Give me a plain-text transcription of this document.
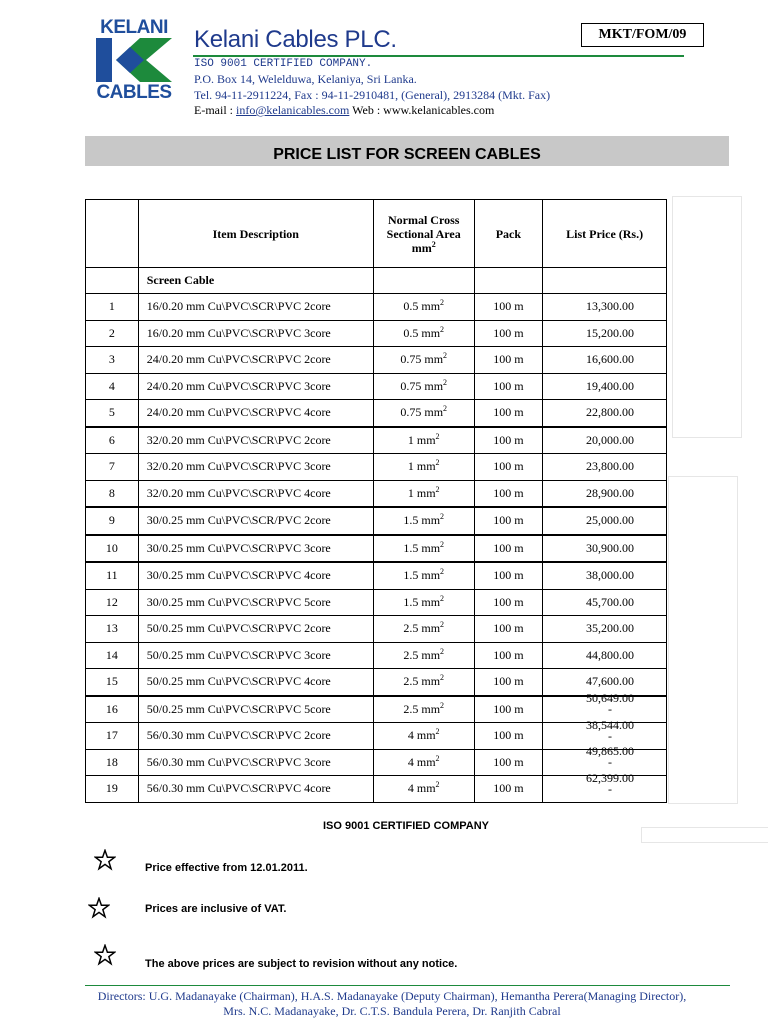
KELANI
CABLES
Kelani Cables PLC.
ISO 9001 CERTIFIED COMPANY.
P.O. Box 14, Welelduwa, Kelaniya, Sri Lanka.
Tel. 94-11-2911224, Fax : 94-11-2910481, (General), 2913284 (Mkt. Fax)
E-mail : info@kelanicables.com Web : www.kelanicables.com
MKT/FOM/09
PRICE LIST FOR SCREEN CABLES
	Item Description	Normal Cross
Sectional Area
$mm^2$	Pack	List Price (Rs.)
	Screen Cable			
1	16/0.20 mm Cu\PVC\SCR\PVC 2core	0.5 $mm^2$	100 m	13,300.00
2	16/0.20 mm Cu\PVC\SCR\PVC 3core	0.5 $mm^2$	100 m	15,200.00
3	24/0.20 mm Cu\PVC\SCR\PVC 2core	0.75 $mm^2$	100 m	16,600.00
4	24/0.20 mm Cu\PVC\SCR\PVC 3core	0.75 $mm^2$	100 m	19,400.00
5	24/0.20 mm Cu\PVC\SCR\PVC 4core	0.75 $mm^2$	100 m	22,800.00
6	32/0.20 mm Cu\PVC\SCR\PVC 2core	1 $mm^2$	100 m	20,000.00
7	32/0.20 mm Cu\PVC\SCR\PVC 3core	1 $mm^2$	100 m	23,800.00
8	32/0.20 mm Cu\PVC\SCR\PVC 4core	1 $mm^2$	100 m	28,900.00
9	30/0.25 mm Cu\PVC\SCR/PVC 2core	1.5 $mm^2$	100 m	25,000.00
10	30/0.25 mm Cu\PVC\SCR\PVC 3core	1.5 $mm^2$	100 m	30,900.00
11	30/0.25 mm Cu\PVC\SCR\PVC 4core	1.5 $mm^2$	100 m	38,000.00
12	30/0.25 mm Cu\PVC\SCR\PVC 5core	1.5 $mm^2$	100 m	45,700.00
13	50/0.25 mm Cu\PVC\SCR\PVC 2core	2.5 $mm^2$	100 m	35,200.00
14	50/0.25 mm Cu\PVC\SCR\PVC 3core	2.5 $mm^2$	100 m	44,800.00
15	50/0.25 mm Cu\PVC\SCR\PVC 4core	2.5 $mm^2$	100 m	47,600.00
16	50/0.25 mm Cu\PVC\SCR\PVC 5core	2.5 $mm^2$	100 m	50,649.00
-
17	56/0.30 mm Cu\PVC\SCR\PVC 2core	4 $mm^2$	100 m	38,544.00
-
18	56/0.30 mm Cu\PVC\SCR\PVC 3core	4 $mm^2$	100 m	49,865.00
-
19	56/0.30 mm Cu\PVC\SCR\PVC 4core	4 $mm^2$	100 m	62,399.00
-
ISO 9001 CERTIFIED COMPANY
Price effective from 12.01.2011.
Prices are inclusive of VAT.
The above prices are subject to revision without any notice.
Directors: U.G. Madanayake (Chairman), H.A.S. Madanayake (Deputy Chairman), Hemantha Perera(Managing Director),
Mrs. N.C. Madanayake, Dr. C.T.S. Bandula Perera, Dr. Ranjith Cabral
